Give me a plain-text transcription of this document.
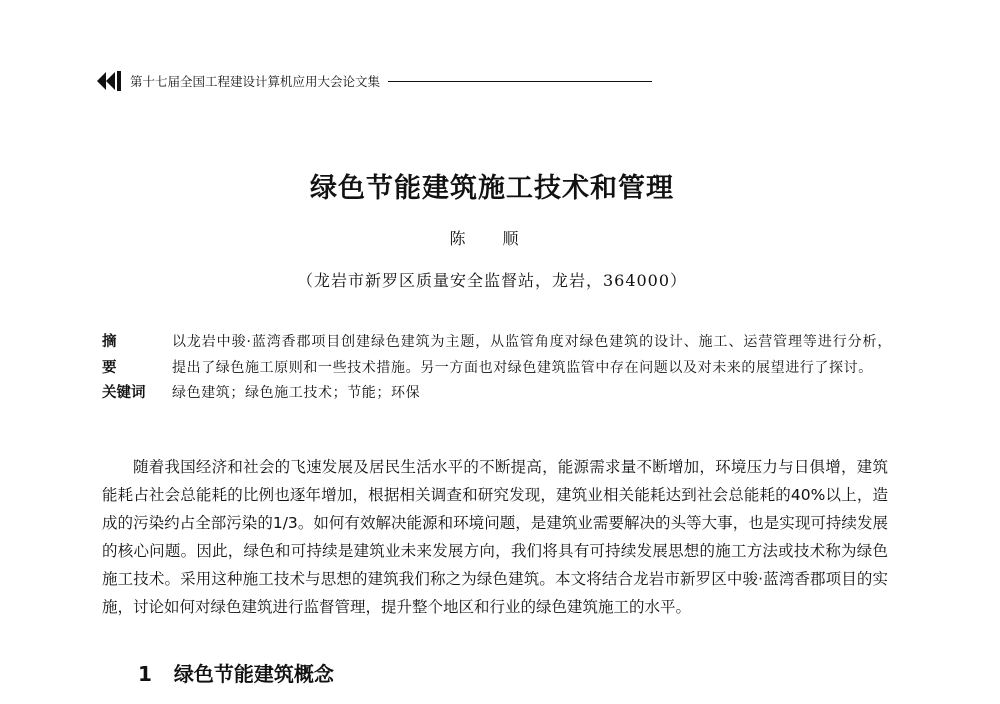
第十七届全国工程建设计算机应用大会论文集
绿色节能建筑施工技术和管理
陈 顺
（龙岩市新罗区质量安全监督站，龙岩，364000）
摘 要
以龙岩中骏·蓝湾香郡项目创建绿色建筑为主题，从监管角度对绿色建筑的设计、施工、运营管理等进行分析，提出了绿色施工原则和一些技术措施。另一方面也对绿色建筑监管中存在问题以及对未来的展望进行了探讨。
关键词	绿色建筑；绿色施工技术；节能；环保

随着我国经济和社会的飞速发展及居民生活水平的不断提高，能源需求量不断增加，环境压力与日俱增，建筑能耗占社会总能耗的比例也逐年增加，根据相关调查和研究发现，建筑业相关能耗达到社会总能耗的40%以上，造成的污染约占全部污染的1/3。如何有效解决能源和环境问题，是建筑业需要解决的头等大事，也是实现可持续发展的核心问题。因此，绿色和可持续是建筑业未来发展方向，我们将具有可持续发展思想的施工方法或技术称为绿色施工技术。采用这种施工技术与思想的建筑我们称之为绿色建筑。本文将结合龙岩市新罗区中骏·蓝湾香郡项目的实施，讨论如何对绿色建筑进行监督管理，提升整个地区和行业的绿色建筑施工的水平。

1 绿色节能建筑概念
